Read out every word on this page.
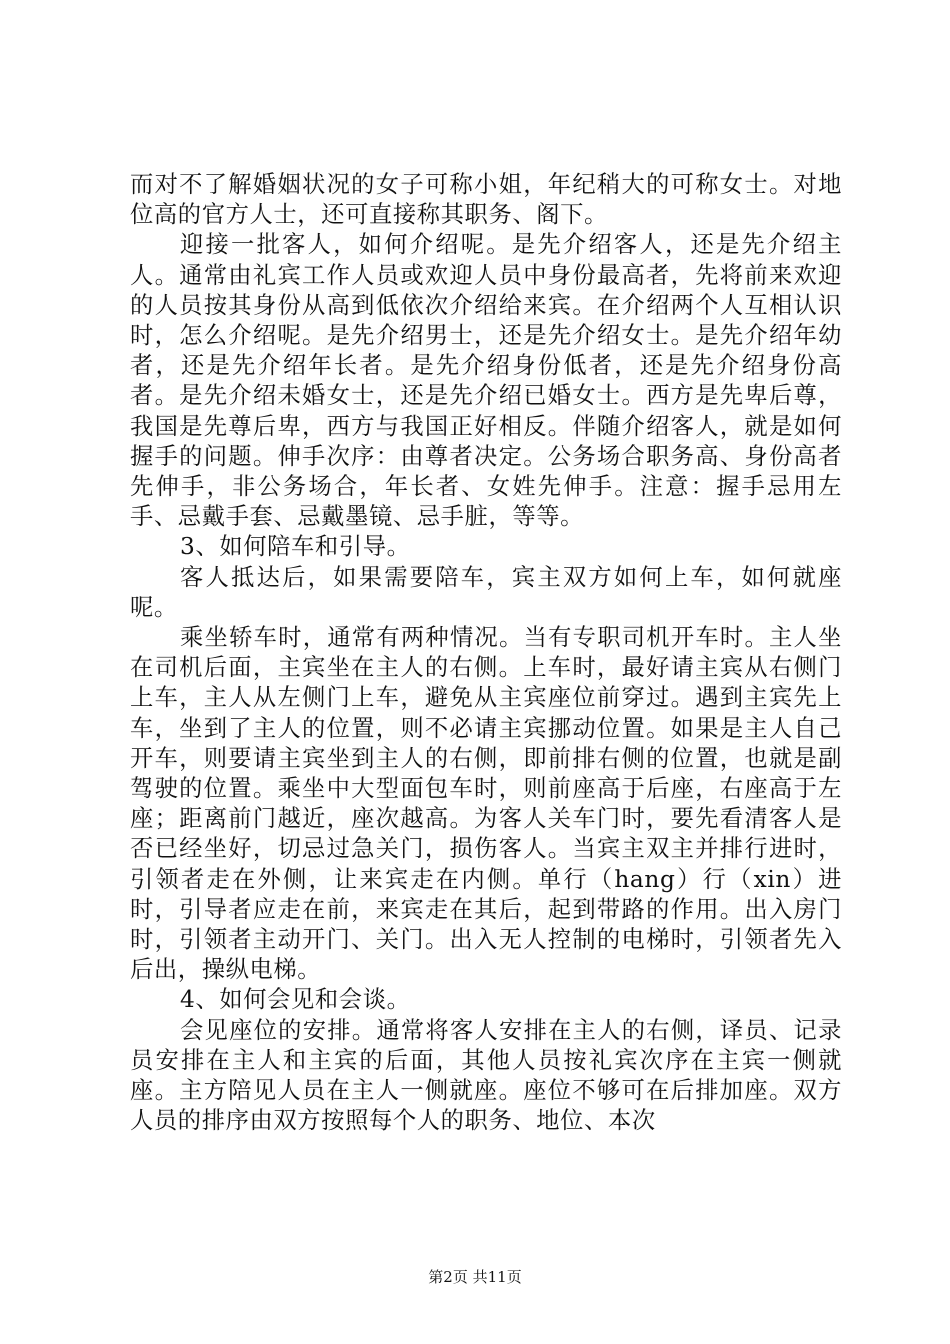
而对不了解婚姻状况的女子可称小姐，年纪稍大的可称女士。对地位高的官方人士，还可直接称其职务、阁下。

迎接一批客人，如何介绍呢。是先介绍客人，还是先介绍主人。通常由礼宾工作人员或欢迎人员中身份最高者，先将前来欢迎的人员按其身份从高到低依次介绍给来宾。在介绍两个人互相认识时，怎么介绍呢。是先介绍男士，还是先介绍女士。是先介绍年幼者，还是先介绍年长者。是先介绍身份低者，还是先介绍身份高者。是先介绍未婚女士，还是先介绍已婚女士。西方是先卑后尊，我国是先尊后卑，西方与我国正好相反。伴随介绍客人，就是如何握手的问题。伸手次序：由尊者决定。公务场合职务高、身份高者先伸手，非公务场合，年长者、女姓先伸手。注意：握手忌用左手、忌戴手套、忌戴墨镜、忌手脏，等等。

3、如何陪车和引导。

客人抵达后，如果需要陪车，宾主双方如何上车，如何就座呢。

乘坐轿车时，通常有两种情况。当有专职司机开车时。主人坐在司机后面，主宾坐在主人的右侧。上车时，最好请主宾从右侧门上车，主人从左侧门上车，避免从主宾座位前穿过。遇到主宾先上车，坐到了主人的位置，则不必请主宾挪动位置。如果是主人自己开车，则要请主宾坐到主人的右侧，即前排右侧的位置，也就是副驾驶的位置。乘坐中大型面包车时，则前座高于后座，右座高于左座；距离前门越近，座次越高。为客人关车门时，要先看清客人是否已经坐好，切忌过急关门，损伤客人。当宾主双主并排行进时，引领者走在外侧，让来宾走在内侧。单行（hang）行（xin）进时，引导者应走在前，来宾走在其后，起到带路的作用。出入房门时，引领者主动开门、关门。出入无人控制的电梯时，引领者先入后出，操纵电梯。

4、如何会见和会谈。

会见座位的安排。通常将客人安排在主人的右侧，译员、记录员安排在主人和主宾的后面，其他人员按礼宾次序在主宾一侧就座。主方陪见人员在主人一侧就座。座位不够可在后排加座。双方人员的排序由双方按照每个人的职务、地位、本次

第2页 共11页
